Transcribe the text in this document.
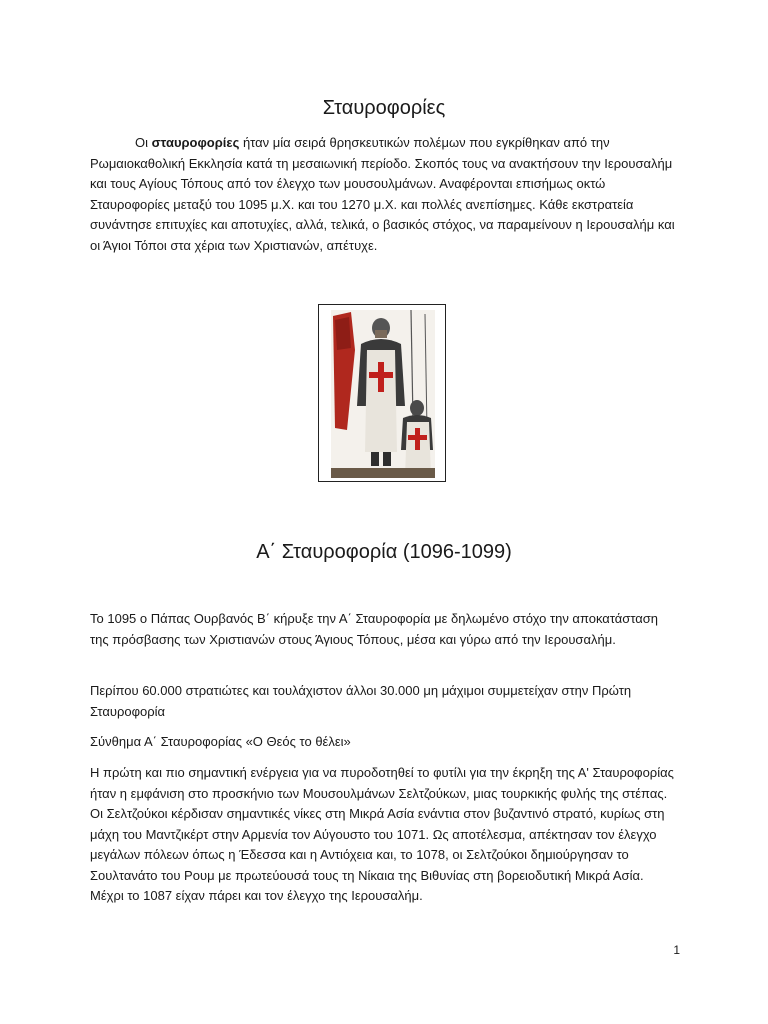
Σταυροφορίες

Οι σταυροφορίες ήταν μία σειρά θρησκευτικών πολέμων που εγκρίθηκαν από την Ρωμαιοκαθολική Εκκλησία κατά τη μεσαιωνική περίοδο. Σκοπός τους να ανακτήσουν την Ιερουσαλήμ και τους Αγίους Τόπους από τον έλεγχο των μουσουλμάνων. Αναφέρονται επισήμως οκτώ Σταυροφορίες μεταξύ του 1095 μ.Χ. και του 1270 μ.Χ. και πολλές ανεπίσημες. Κάθε εκστρατεία συνάντησε επιτυχίες και αποτυχίες, αλλά, τελικά, ο βασικός στόχος, να παραμείνουν η Ιερουσαλήμ και οι Άγιοι Τόποι στα χέρια των Χριστιανών, απέτυχε.

Α΄ Σταυροφορία (1096-1099)

Το 1095 ο Πάπας Ουρβανός Β΄ κήρυξε την Α΄ Σταυροφορία με δηλωμένο στόχο την αποκατάσταση της πρόσβασης των Χριστιανών στους Άγιους Τόπους, μέσα και γύρω από την Ιερουσαλήμ.

Περίπου 60.000 στρατιώτες και τουλάχιστον άλλοι 30.000 μη μάχιμοι συμμετείχαν στην Πρώτη Σταυροφορία

Σύνθημα Α΄ Σταυροφορίας «Ο Θεός το θέλει»

Η πρώτη και πιο σημαντική ενέργεια για να πυροδοτηθεί το φυτίλι για την έκρηξη της Α' Σταυροφορίας ήταν η εμφάνιση στο προσκήνιο των Μουσουλμάνων Σελτζούκων, μιας τουρκικής φυλής της στέπας. Οι Σελτζούκοι κέρδισαν σημαντικές νίκες στη Μικρά Ασία ενάντια στον βυζαντινό στρατό, κυρίως στη μάχη του Μαντζικέρτ στην Αρμενία τον Αύγουστο του 1071. Ως αποτέλεσμα, απέκτησαν τον έλεγχο μεγάλων πόλεων όπως η Έδεσσα και η Αντιόχεια και, το 1078, οι Σελτζούκοι δημιούργησαν το Σουλτανάτο του Ρουμ με πρωτεύουσά τους τη Νίκαια της Βιθυνίας στη βορειοδυτική Μικρά Ασία. Μέχρι το 1087 είχαν πάρει και τον έλεγχο της Ιερουσαλήμ.

1
